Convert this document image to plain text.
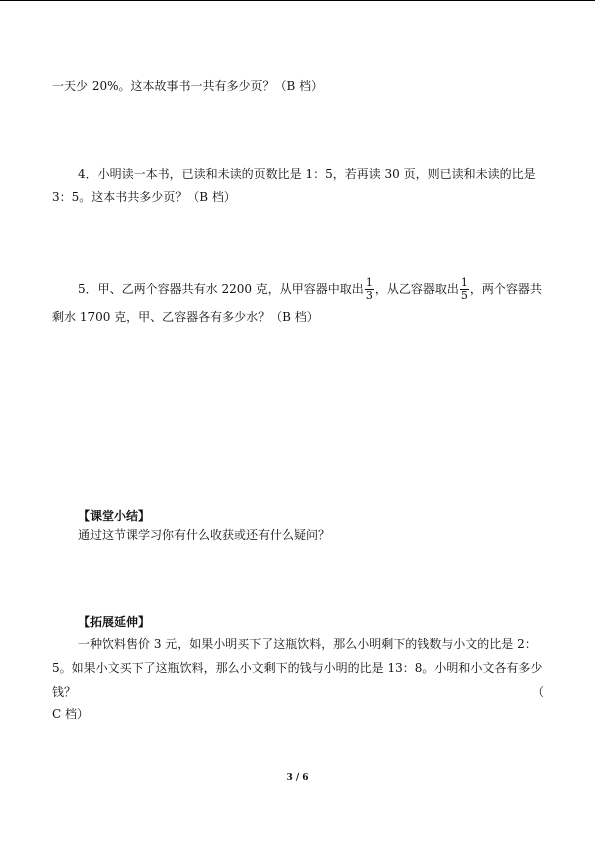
一天少 20%。这本故事书一共有多少页？（B 档）
4．小明读一本书，已读和未读的页数比是 1：5，若再读 30 页，则已读和未读的比是
3：5。这本书共多少页？（B 档）
5．甲、乙两个容器共有水 2200 克，从甲容器中取出 $\frac{1}{3}$ ，从乙容器取出 $\frac{1}{5}$ ，两个容器共
剩水 1700 克，甲、乙容器各有多少水？（B 档）
【课堂小结】
通过这节课学习你有什么收获或还有什么疑问？
【拓展延伸】
一种饮料售价 3 元，如果小明买下了这瓶饮料，那么小明剩下的钱数与小文的比是 2：
5。如果小文买下了这瓶饮料，那么小文剩下的钱与小明的比是 13：8。小明和小文各有多少
钱？	（
C 档）
3 / 6
